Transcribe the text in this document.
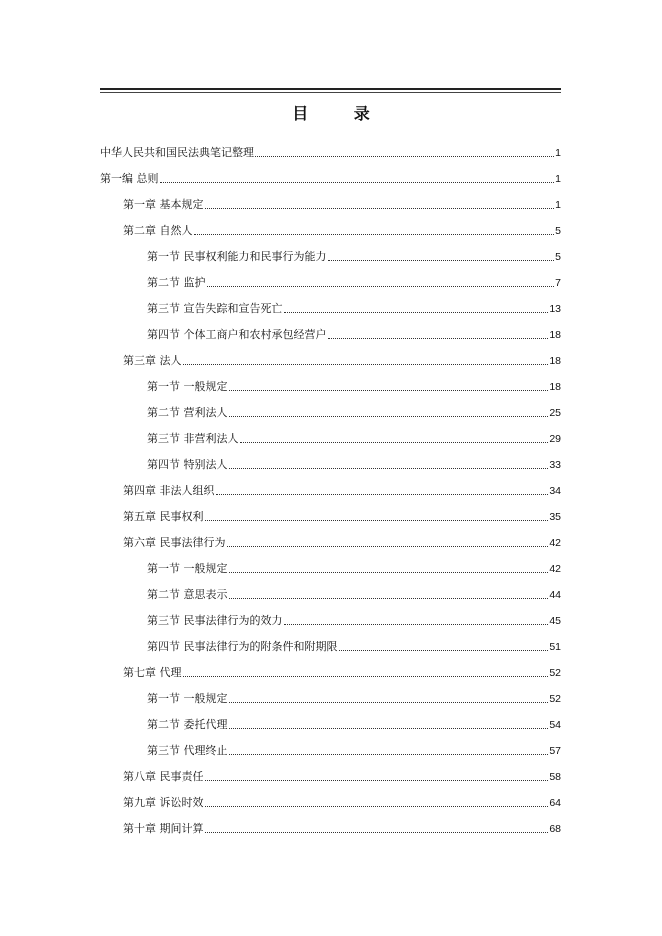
目 录
中华人民共和国民法典笔记整理	1
第一编 总则	1
第一章 基本规定	1
第二章 自然人	5
第一节 民事权利能力和民事行为能力	5
第二节 监护	7
第三节 宣告失踪和宣告死亡	13
第四节 个体工商户和农村承包经营户	18
第三章 法人	18
第一节 一般规定	18
第二节 营利法人	25
第三节 非营利法人	29
第四节 特别法人	33
第四章 非法人组织	34
第五章 民事权利	35
第六章 民事法律行为	42
第一节 一般规定	42
第二节 意思表示	44
第三节 民事法律行为的效力	45
第四节 民事法律行为的附条件和附期限	51
第七章 代理	52
第一节 一般规定	52
第二节 委托代理	54
第三节 代理终止	57
第八章 民事责任	58
第九章 诉讼时效	64
第十章 期间计算	68
